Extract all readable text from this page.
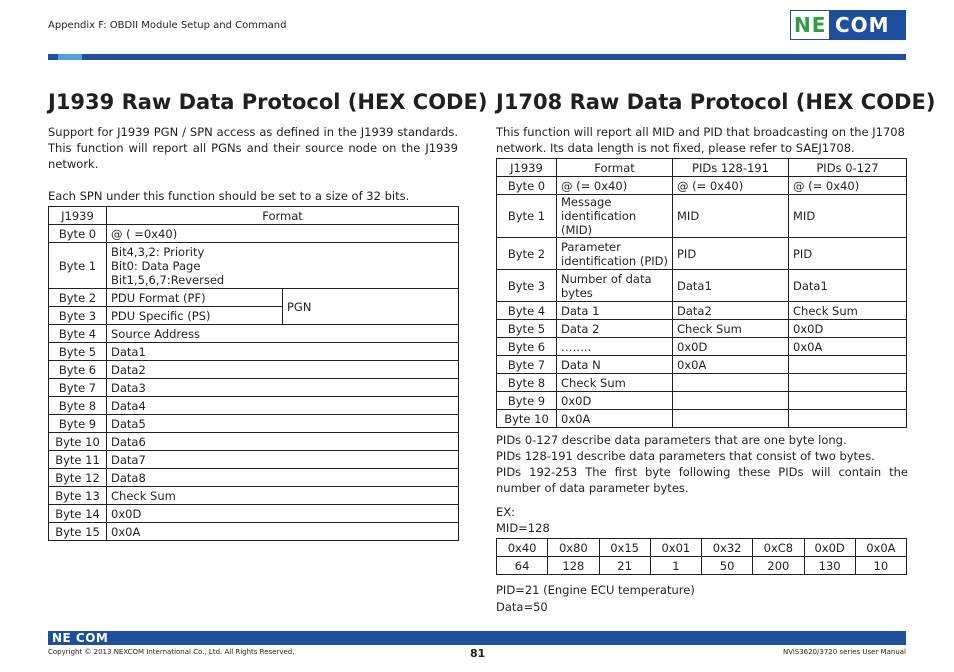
Appendix F: OBDII Module Setup and Command	NE COM
J1939 Raw Data Protocol (HEX CODE)
Support for J1939 PGN / SPN access as defined in the J1939 standards. This function will report all PGNs and their source node on the J1939 network.
Each SPN under this function should be set to a size of 32 bits.
J1939	Format	
Byte 0	@ ( =0x40)	
Byte 1	Bit4,3,2: Priority
Bit0: Data Page
Bit1,5,6,7:Reversed	

Byte 2	PDU Format (PF)	PGN
Byte 3	PDU Specific (PS)	
Byte 4	Source Address	
Byte 5	Data1	
Byte 6	Data2	
Byte 7	Data3	
Byte 8	Data4	
Byte 9	Data5	
Byte 10	Data6	
Byte 11	Data7	
Byte 12	Data8	
Byte 13	Check Sum	
Byte 14	0x0D	
Byte 15	0x0A	
J1708 Raw Data Protocol (HEX CODE)
This function will report all MID and PID that broadcasting on the J1708 network. Its data length is not fixed, please refer to SAEJ1708.
J1939	Format	PIDs 128-191	PIDs 0-127
Byte 0	@ (= 0x40)	@ (= 0x40)	@ (= 0x40)
Byte 1	Message identification (MID)	MID	MID
Byte 2	Parameter identification (PID)	PID	PID
Byte 3	Number of data bytes	Data1	Data1
Byte 4	Data 1	Data2	Check Sum
Byte 5	Data 2	Check Sum	0x0D
Byte 6	……..	0x0D	0x0A
Byte 7	Data N	0x0A	
Byte 8	Check Sum		
Byte 9	0x0D		
Byte 10	0x0A		
PIDs 0-127 describe data parameters that are one byte long.
PIDs 128-191 describe data parameters that consist of two bytes.
PIDs 192-253 The first byte following these PIDs will contain the number of data parameter bytes.
EX:
MID=128
0x40	0x80	0x15	0x01	0x32	0xC8	0x0D	0x0A
64	128	21	1	50	200	130	10
PID=21 (Engine ECU temperature)
Data=50
NE COM
Copyright © 2013 NEXCOM International Co., Ltd. All Rights Reserved.	81	NViS3620/3720 series User Manual
